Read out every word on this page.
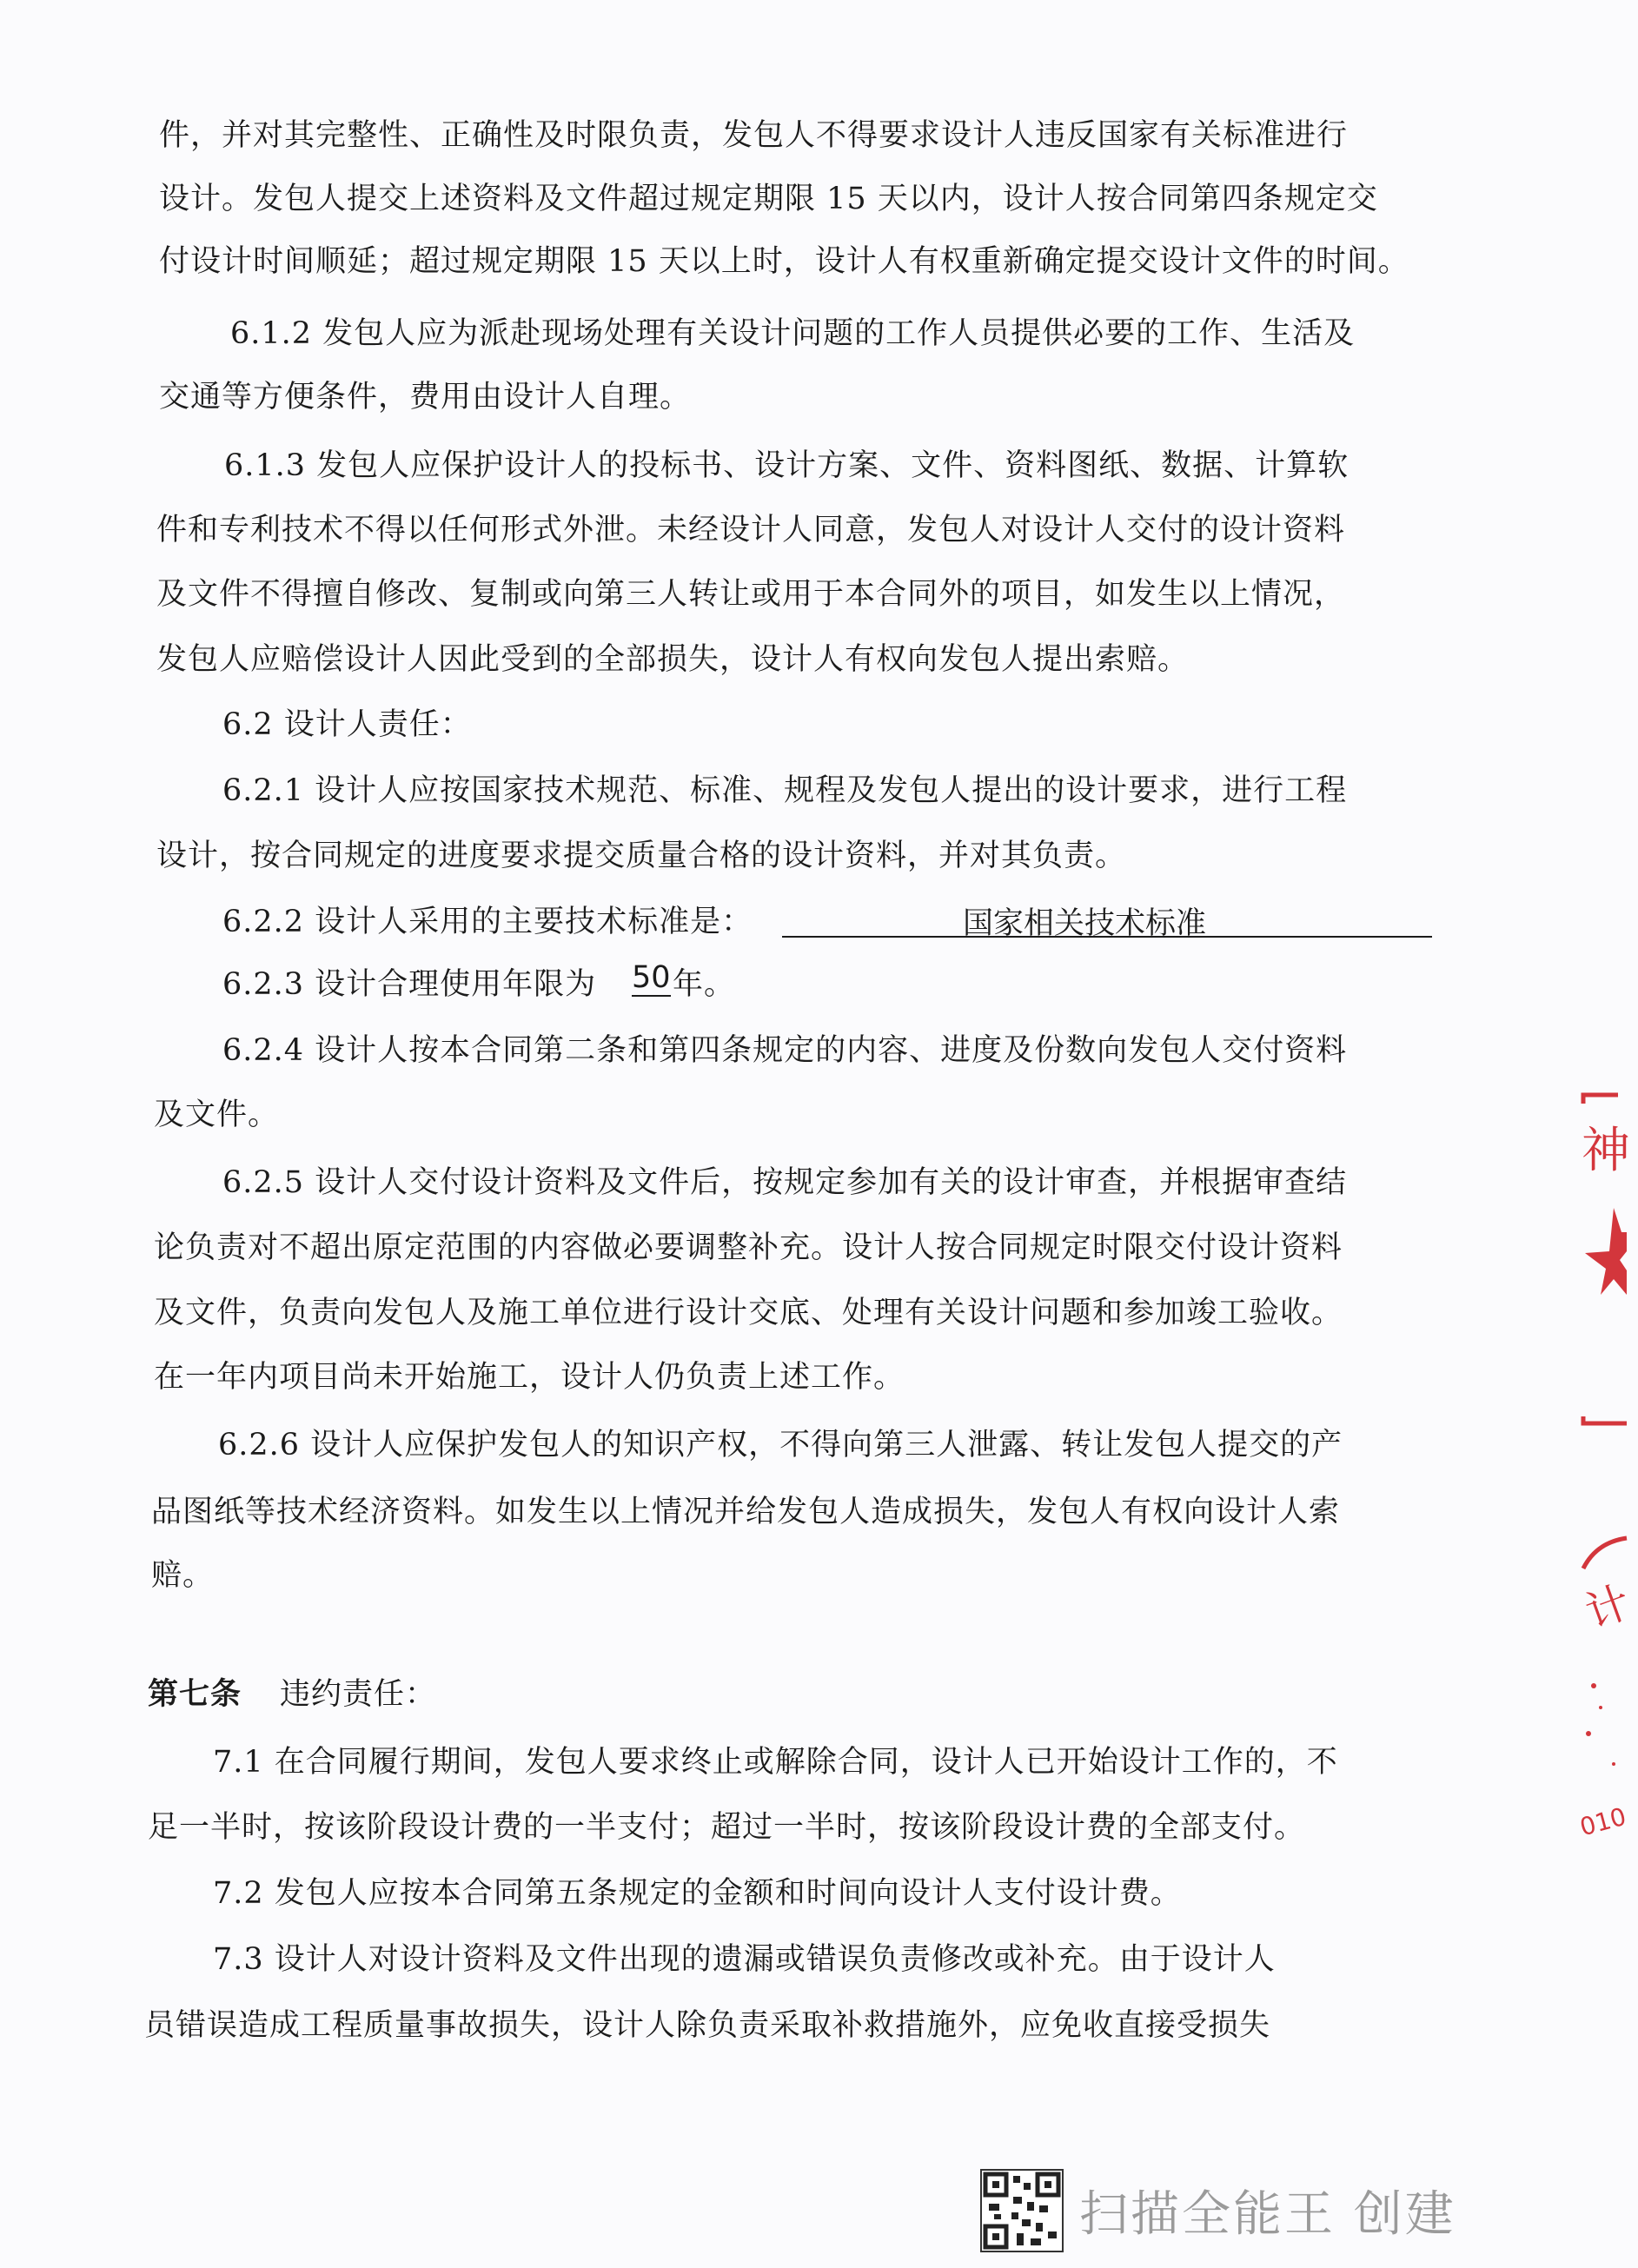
件，并对其完整性、正确性及时限负责，发包人不得要求设计人违反国家有关标准进行
设计。发包人提交上述资料及文件超过规定期限 15 天以内，设计人按合同第四条规定交
付设计时间顺延；超过规定期限 15 天以上时，设计人有权重新确定提交设计文件的时间。
6.1.2 发包人应为派赴现场处理有关设计问题的工作人员提供必要的工作、生活及
交通等方便条件，费用由设计人自理。
6.1.3 发包人应保护设计人的投标书、设计方案、文件、资料图纸、数据、计算软
件和专利技术不得以任何形式外泄。未经设计人同意，发包人对设计人交付的设计资料
及文件不得擅自修改、复制或向第三人转让或用于本合同外的项目，如发生以上情况，
发包人应赔偿设计人因此受到的全部损失，设计人有权向发包人提出索赔。
6.2 设计人责任：
6.2.1 设计人应按国家技术规范、标准、规程及发包人提出的设计要求，进行工程
设计，按合同规定的进度要求提交质量合格的设计资料，并对其负责。
6.2.2 设计人采用的主要技术标准是：	国家相关技术标准
6.2.3 设计合理使用年限为 50 年。
6.2.4 设计人按本合同第二条和第四条规定的内容、进度及份数向发包人交付资料
及文件。
6.2.5 设计人交付设计资料及文件后，按规定参加有关的设计审查，并根据审查结
论负责对不超出原定范围的内容做必要调整补充。设计人按合同规定时限交付设计资料
及文件，负责向发包人及施工单位进行设计交底、处理有关设计问题和参加竣工验收。
在一年内项目尚未开始施工，设计人仍负责上述工作。
6.2.6 设计人应保护发包人的知识产权，不得向第三人泄露、转让发包人提交的产
品图纸等技术经济资料。如发生以上情况并给发包人造成损失，发包人有权向设计人索
赔。
第七条 违约责任：
7.1 在合同履行期间，发包人要求终止或解除合同，设计人已开始设计工作的，不
足一半时，按该阶段设计费的一半支付；超过一半时，按该阶段设计费的全部支付。
7.2 发包人应按本合同第五条规定的金额和时间向设计人支付设计费。
7.3 设计人对设计资料及文件出现的遗漏或错误负责修改或补充。由于设计人
员错误造成工程质量事故损失，设计人除负责采取补救措施外，应免收直接受损失
神
计
010
扫描全能王 创建
